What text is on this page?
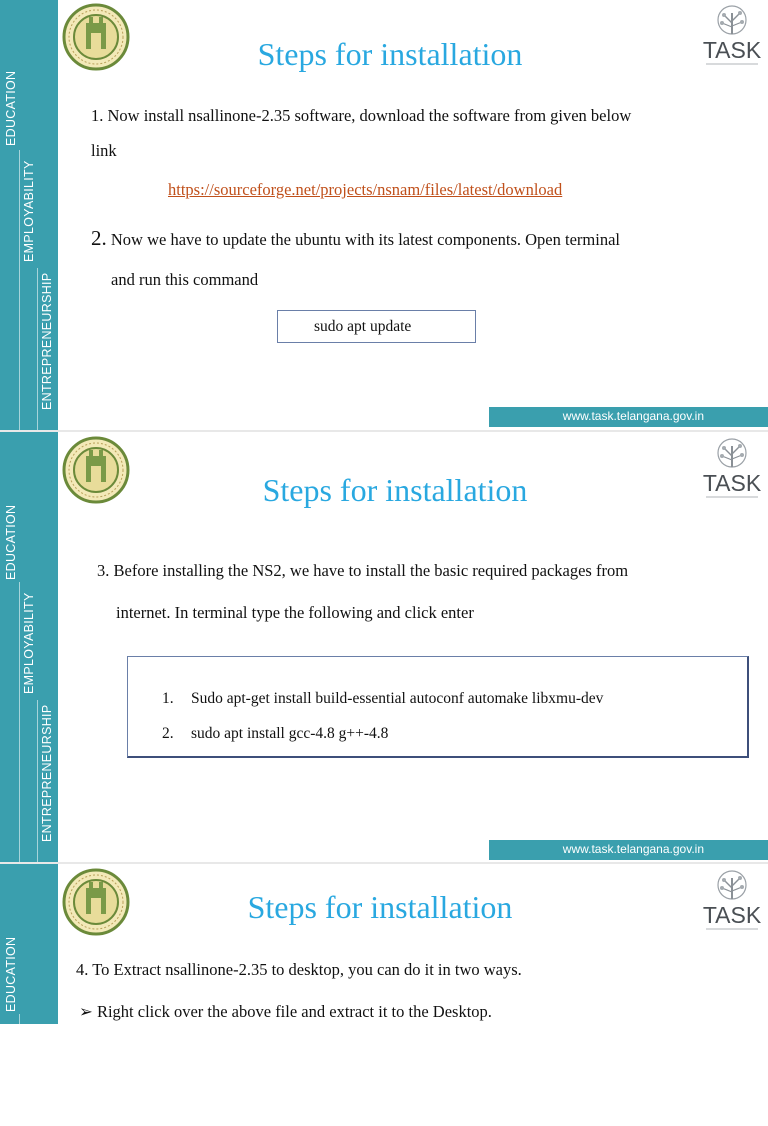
EDUCATION
EMPLOYABILITY
ENTREPRENEURSHIP
Steps for installation	TASK
1. Now install nsallinone-2.35 software, download the software from given below
link
https://sourceforge.net/projects/nsnam/files/latest/download
2. Now we have to update the ubuntu with its latest components. Open terminal
and run this command
sudo apt update
www.task.telangana.gov.in
EDUCATION
EMPLOYABILITY
ENTREPRENEURSHIP
Steps for installation	TASK
3. Before installing the NS2, we have to install the basic required packages from
internet. In terminal type the following and click enter
1. Sudo apt-get install build-essential autoconf automake libxmu-dev
2. sudo apt install gcc-4.8 g++-4.8
www.task.telangana.gov.in
EDUCATION
EMPLOYABILITY
Steps for installation	TASK
4. To Extract nsallinone-2.35 to desktop, you can do it in two ways.
➢ Right click over the above file and extract it to the Desktop.
